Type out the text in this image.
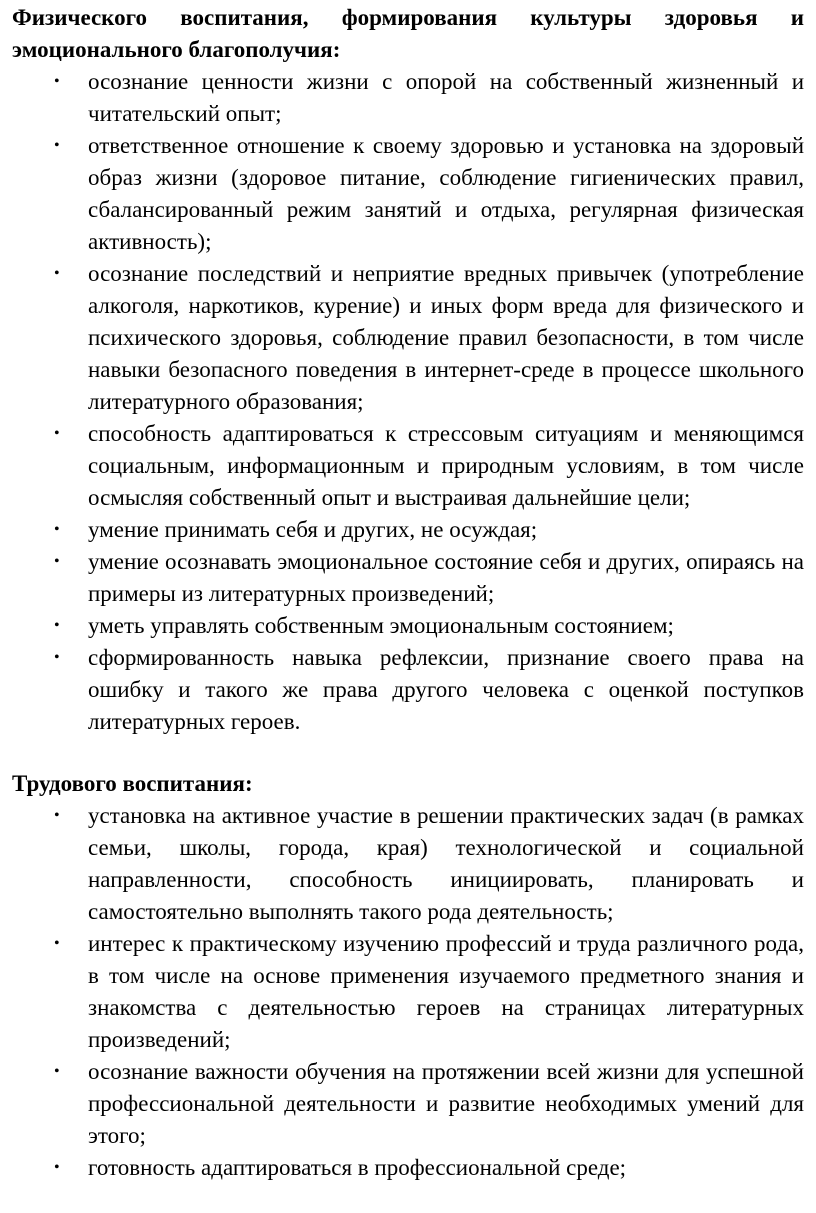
Физического воспитания, формирования культуры здоровья и эмоционального благополучия:
•	осознание ценности жизни с опорой на собственный жизненный и читательский опыт;
•	ответственное отношение к своему здоровью и установка на здоровый образ жизни (здоровое питание, соблюдение гигиенических правил, сбалансированный режим занятий и отдыха, регулярная физическая активность);
•	осознание последствий и неприятие вредных привычек (употребление алкоголя, наркотиков, курение) и иных форм вреда для физического и психического здоровья, соблюдение правил безопасности, в том числе навыки безопасного поведения в интернет-среде в процессе школьного литературного образования;
•	способность адаптироваться к стрессовым ситуациям и меняющимся социальным, информационным и природным условиям, в том числе осмысляя собственный опыт и выстраивая дальнейшие цели;
•	умение принимать себя и других, не осуждая;
•	умение осознавать эмоциональное состояние себя и других, опираясь на примеры из литературных произведений;
•	уметь управлять собственным эмоциональным состоянием;
•	сформированность навыка рефлексии, признание своего права на ошибку и такого же права другого человека с оценкой поступков литературных героев.
Трудового воспитания:
•	установка на активное участие в решении практических задач (в рамках семьи, школы, города, края) технологической и социальной направленности, способность инициировать, планировать и самостоятельно выполнять такого рода деятельность;
•	интерес к практическому изучению профессий и труда различного рода, в том числе на основе применения изучаемого предметного знания и знакомства с деятельностью героев на страницах литературных произведений;
•	осознание важности обучения на протяжении всей жизни для успешной профессиональной деятельности и развитие необходимых умений для этого;
•	готовность адаптироваться в профессиональной среде;
